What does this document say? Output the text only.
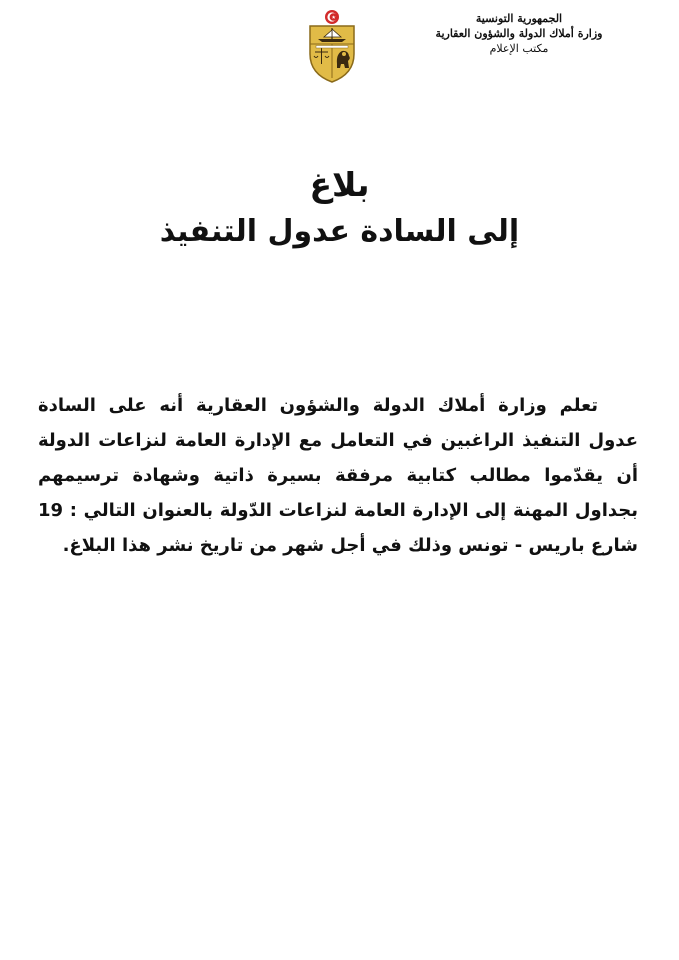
الجمهورية التونسية
وزارة أملاك الدولة والشؤون العقارية
مكتب الإعلام
بلاغ
إلى السادة عدول التنفيذ
تعلم وزارة أملاك الدولة والشؤون العقارية أنه على السادة عدول التنفيذ الراغبين في التعامل مع الإدارة العامة لنزاعات الدولة أن يقدّموا مطالب كتابية مرفقة بسيرة ذاتية وشهادة ترسيمهم بجداول المهنة إلى الإدارة العامة لنزاعات الدّولة بالعنوان التالي : 19 شارع باريس - تونس وذلك في أجل شهر من تاريخ نشر هذا البلاغ.
